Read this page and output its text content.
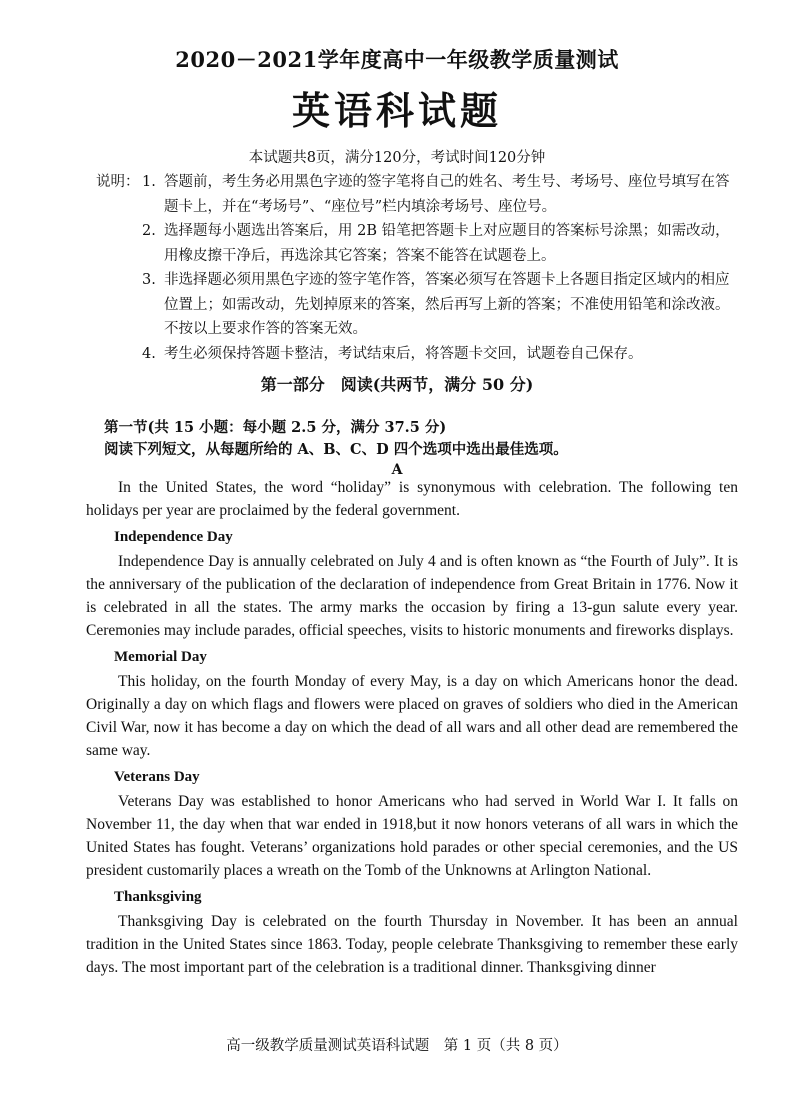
2020－2021学年度高中一年级教学质量测试
英语科试题
本试题共8页，满分120分，考试时间120分钟
说明： 1. 答题前，考生务必用黑色字迹的签字笔将自己的姓名、考生号、考场号、座位号填写在答题卡上，并在“考场号”、“座位号”栏内填涂考场号、座位号。
2. 选择题每小题选出答案后，用 2B 铅笔把答题卡上对应题目的答案标号涂黑；如需改动，用橡皮擦干净后，再选涂其它答案；答案不能答在试题卷上。
3. 非选择题必须用黑色字迹的签字笔作答，答案必须写在答题卡上各题目指定区域内的相应位置上；如需改动，先划掉原来的答案，然后再写上新的答案；不准使用铅笔和涂改液。不按以上要求作答的答案无效。
4. 考生必须保持答题卡整洁，考试结束后，将答题卡交回，试题卷自己保存。
第一部分　阅读(共两节，满分 50 分)
第一节(共 15 小题：每小题 2.5 分，满分 37.5 分)
阅读下列短文，从每题所给的 A、B、C、D 四个选项中选出最佳选项。
A

In the United States, the word “holiday” is synonymous with celebration. The following ten holidays per year are proclaimed by the federal government.

Independence Day

Independence Day is annually celebrated on July 4 and is often known as “the Fourth of July”. It is the anniversary of the publication of the declaration of independence from Great Britain in 1776. Now it is celebrated in all the states. The army marks the occasion by firing a 13-gun salute every year. Ceremonies may include parades, official speeches, visits to historic monuments and fireworks displays.

Memorial Day

This holiday, on the fourth Monday of every May, is a day on which Americans honor the dead. Originally a day on which flags and flowers were placed on graves of soldiers who died in the American Civil War, now it has become a day on which the dead of all wars and all other dead are remembered the same way.

Veterans Day

Veterans Day was established to honor Americans who had served in World War I. It falls on November 11, the day when that war ended in 1918,but it now honors veterans of all wars in which the United States has fought. Veterans’ organizations hold parades or other special ceremonies, and the US president customarily places a wreath on the Tomb of the Unknowns at Arlington National.

Thanksgiving

Thanksgiving Day is celebrated on the fourth Thursday in November. It has been an annual tradition in the United States since 1863. Today, people celebrate Thanksgiving to remember these early days. The most important part of the celebration is a traditional dinner. Thanksgiving dinner

高一级教学质量测试英语科试题　第 1 页（共 8 页）
